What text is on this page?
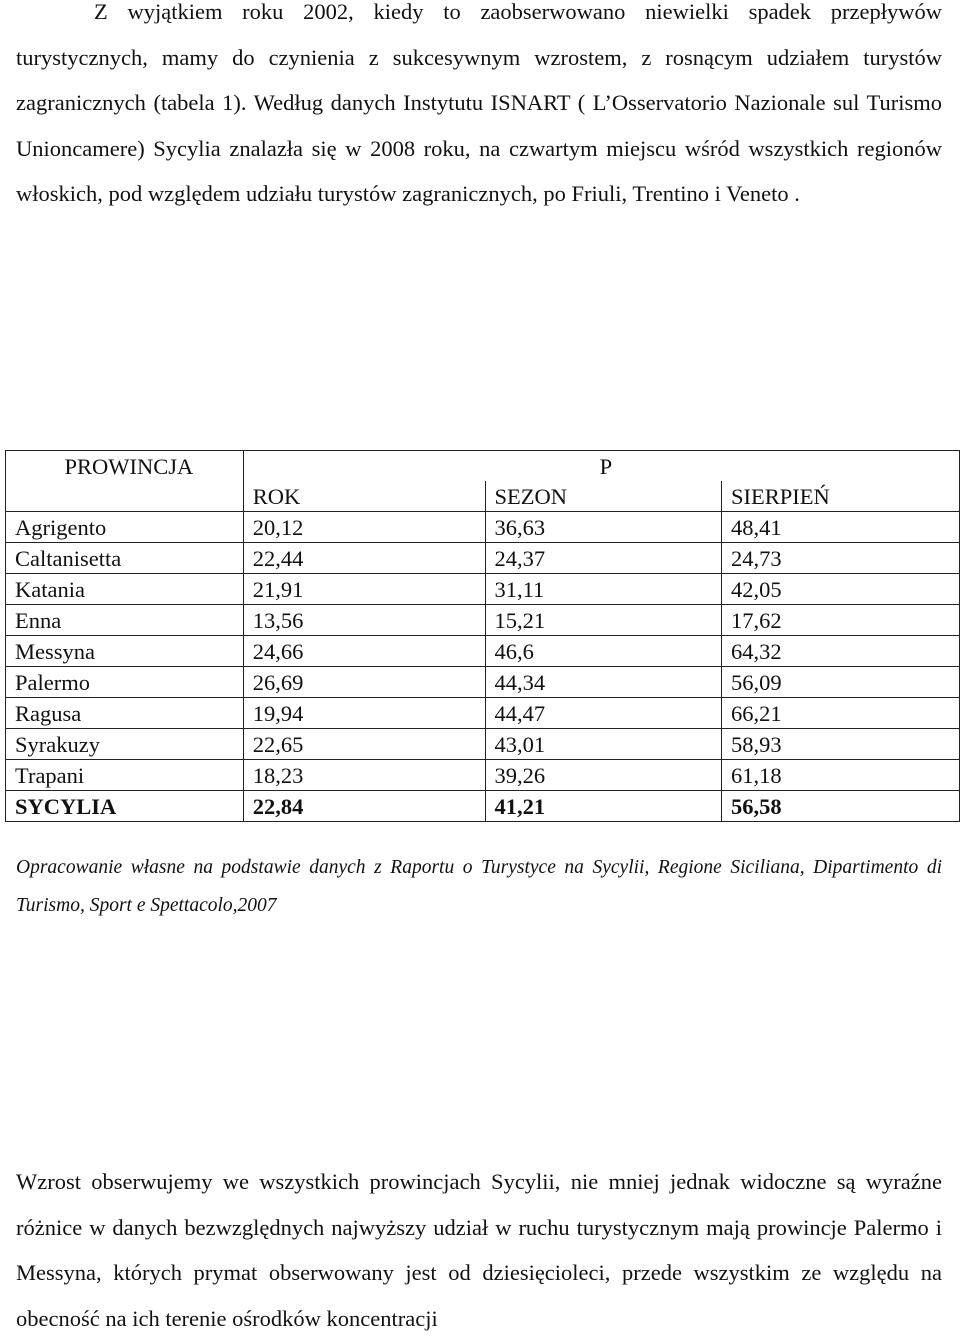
Z wyjątkiem roku 2002, kiedy to zaobserwowano niewielki spadek przepływów turystycznych, mamy do czynienia z sukcesywnym wzrostem, z rosnącym udziałem turystów zagranicznych (tabela 1). Według danych Instytutu ISNART ( L’Osservatorio Nazionale sul Turismo Unioncamere) Sycylia znalazła się w 2008 roku, na czwartym miejscu wśród wszystkich regionów włoskich, pod względem udziału turystów zagranicznych, po Friuli, Trentino i Veneto .

PROWINCJA	P		
	ROK	SEZON	SIERPIEŃ
Agrigento	20,12	36,63	48,41
Caltanisetta	22,44	24,37	24,73
Katania	21,91	31,11	42,05
Enna	13,56	15,21	17,62
Messyna	24,66	46,6	64,32
Palermo	26,69	44,34	56,09
Ragusa	19,94	44,47	66,21
Syrakuzy	22,65	43,01	58,93
Trapani	18,23	39,26	61,18
SYCYLIA	22,84	41,21	56,58

Opracowanie własne na podstawie danych z Raportu o Turystyce na Sycylii, Regione Siciliana, Dipartimento di Turismo, Sport e Spettacolo,2007

Wzrost obserwujemy we wszystkich prowincjach Sycylii, nie mniej jednak widoczne są wyraźne różnice w danych bezwzględnych najwyższy udział w ruchu turystycznym mają prowincje Palermo i Messyna, których prymat obserwowany jest od dziesięcioleci, przede wszystkim ze względu na obecność na ich terenie ośrodków koncentracji
